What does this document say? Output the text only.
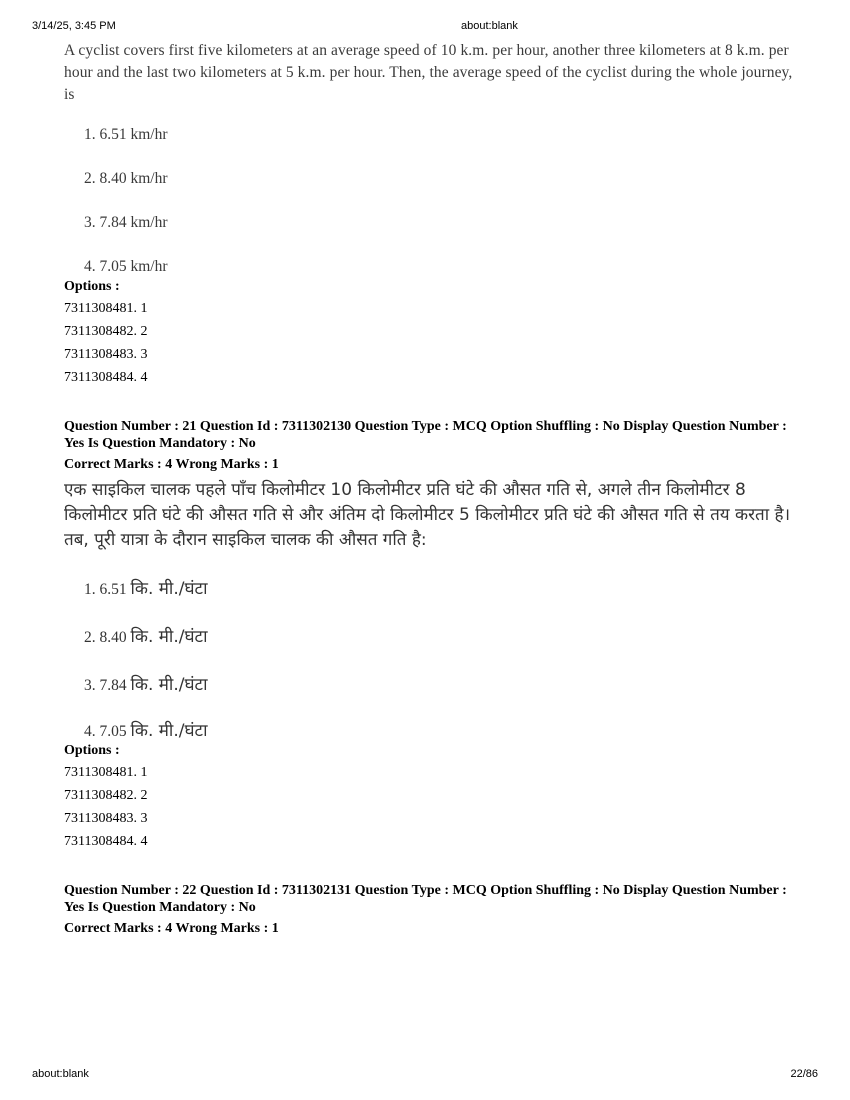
3/14/25, 3:45 PM	about:blank
A cyclist covers first five kilometers at an average speed of 10 k.m. per hour, another three kilometers at 8 k.m. per hour and the last two kilometers at 5 k.m. per hour. Then, the average speed of the cyclist during the whole journey, is
1. 6.51 km/hr
2. 8.40 km/hr
3. 7.84 km/hr
4. 7.05 km/hr
Options :
7311308481. 1
7311308482. 2
7311308483. 3
7311308484. 4
Question Number : 21 Question Id : 7311302130 Question Type : MCQ Option Shuffling : No Display Question Number : Yes Is Question Mandatory : No
Correct Marks : 4 Wrong Marks : 1
एक साइकिल चालक पहले पाँच किलोमीटर 10 किलोमीटर प्रति घंटे की औसत गति से, अगले तीन किलोमीटर 8 किलोमीटर प्रति घंटे की औसत गति से और अंतिम दो किलोमीटर 5 किलोमीटर प्रति घंटे की औसत गति से तय करता है। तब, पूरी यात्रा के दौरान साइकिल चालक की औसत गति है:
1. 6.51 कि. मी./घंटा
2. 8.40 कि. मी./घंटा
3. 7.84 कि. मी./घंटा
4. 7.05 कि. मी./घंटा
Options :
7311308481. 1
7311308482. 2
7311308483. 3
7311308484. 4
Question Number : 22 Question Id : 7311302131 Question Type : MCQ Option Shuffling : No Display Question Number : Yes Is Question Mandatory : No
Correct Marks : 4 Wrong Marks : 1
about:blank	22/86
